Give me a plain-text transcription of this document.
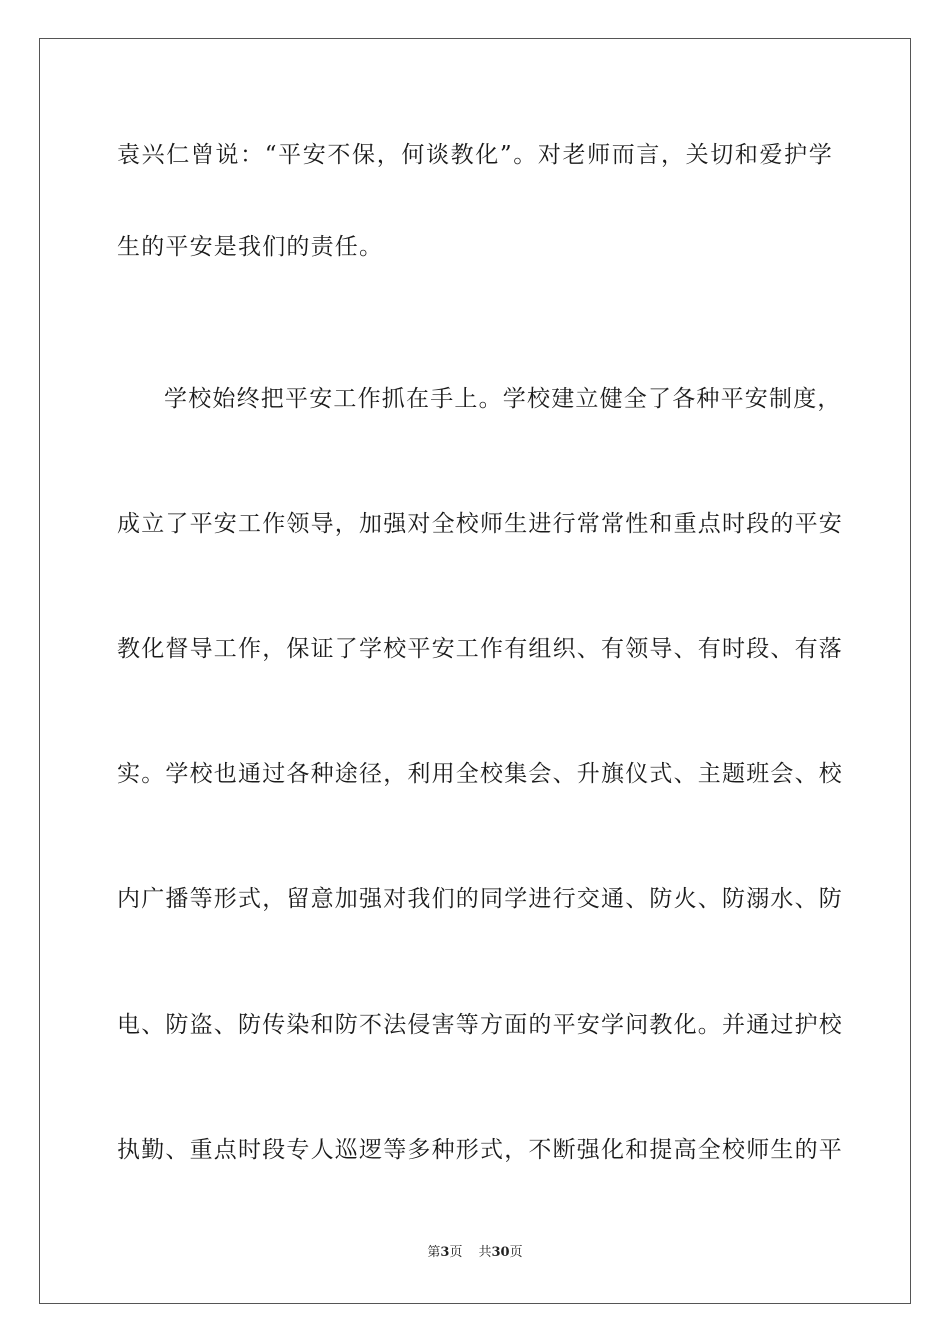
袁兴仁曾说：“平安不保，何谈教化”。对老师而言，关切和爱护学
生的平安是我们的责任。
学校始终把平安工作抓在手上。学校建立健全了各种平安制度，
成立了平安工作领导，加强对全校师生进行常常性和重点时段的平安
教化督导工作，保证了学校平安工作有组织、有领导、有时段、有落
实。学校也通过各种途径，利用全校集会、升旗仪式、主题班会、校
内广播等形式，留意加强对我们的同学进行交通、防火、防溺水、防
电、防盗、防传染和防不法侵害等方面的平安学问教化。并通过护校
执勤、重点时段专人巡逻等多种形式，不断强化和提高全校师生的平
第3页 共30页
